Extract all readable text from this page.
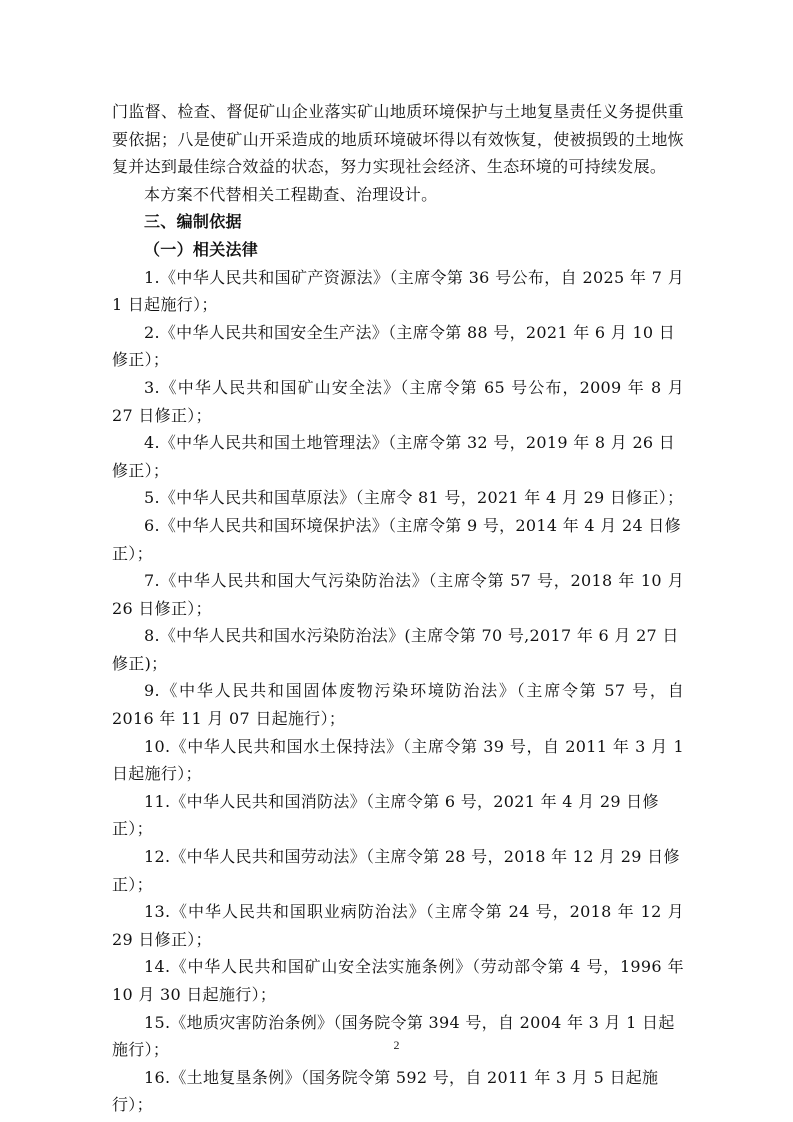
门监督、检查、督促矿山企业落实矿山地质环境保护与土地复垦责任义务提供重要依据；八是使矿山开采造成的地质环境破坏得以有效恢复，使被损毁的土地恢复并达到最佳综合效益的状态，努力实现社会经济、生态环境的可持续发展。

本方案不代替相关工程勘查、治理设计。

三、编制依据

（一）相关法律

1.《中华人民共和国矿产资源法》（主席令第 36 号公布，自 2025 年 7 月 1 日起施行）；

2.《中华人民共和国安全生产法》（主席令第 88 号，2021 年 6 月 10 日修正）；

3.《中华人民共和国矿山安全法》（主席令第 65 号公布，2009 年 8 月 27 日修正）；

4.《中华人民共和国土地管理法》（主席令第 32 号，2019 年 8 月 26 日修正）；

5.《中华人民共和国草原法》（主席令 81 号，2021 年 4 月 29 日修正）；

6.《中华人民共和国环境保护法》（主席令第 9 号，2014 年 4 月 24 日修正）；

7.《中华人民共和国大气污染防治法》（主席令第 57 号，2018 年 10 月 26 日修正）；

8.《中华人民共和国水污染防治法》(主席令第 70 号,2017 年 6 月 27 日修正)；

9.《中华人民共和国固体废物污染环境防治法》（主席令第 57 号，自 2016 年 11 月 07 日起施行）；

10.《中华人民共和国水土保持法》（主席令第 39 号，自 2011 年 3 月 1 日起施行）；

11.《中华人民共和国消防法》（主席令第 6 号，2021 年 4 月 29 日修正）；

12.《中华人民共和国劳动法》（主席令第 28 号，2018 年 12 月 29 日修正）；

13.《中华人民共和国职业病防治法》（主席令第 24 号，2018 年 12 月 29 日修正）；

14.《中华人民共和国矿山安全法实施条例》（劳动部令第 4 号，1996 年 10 月 30 日起施行）；

15.《地质灾害防治条例》（国务院令第 394 号，自 2004 年 3 月 1 日起施行）；

16.《土地复垦条例》（国务院令第 592 号，自 2011 年 3 月 5 日起施行）；

2
